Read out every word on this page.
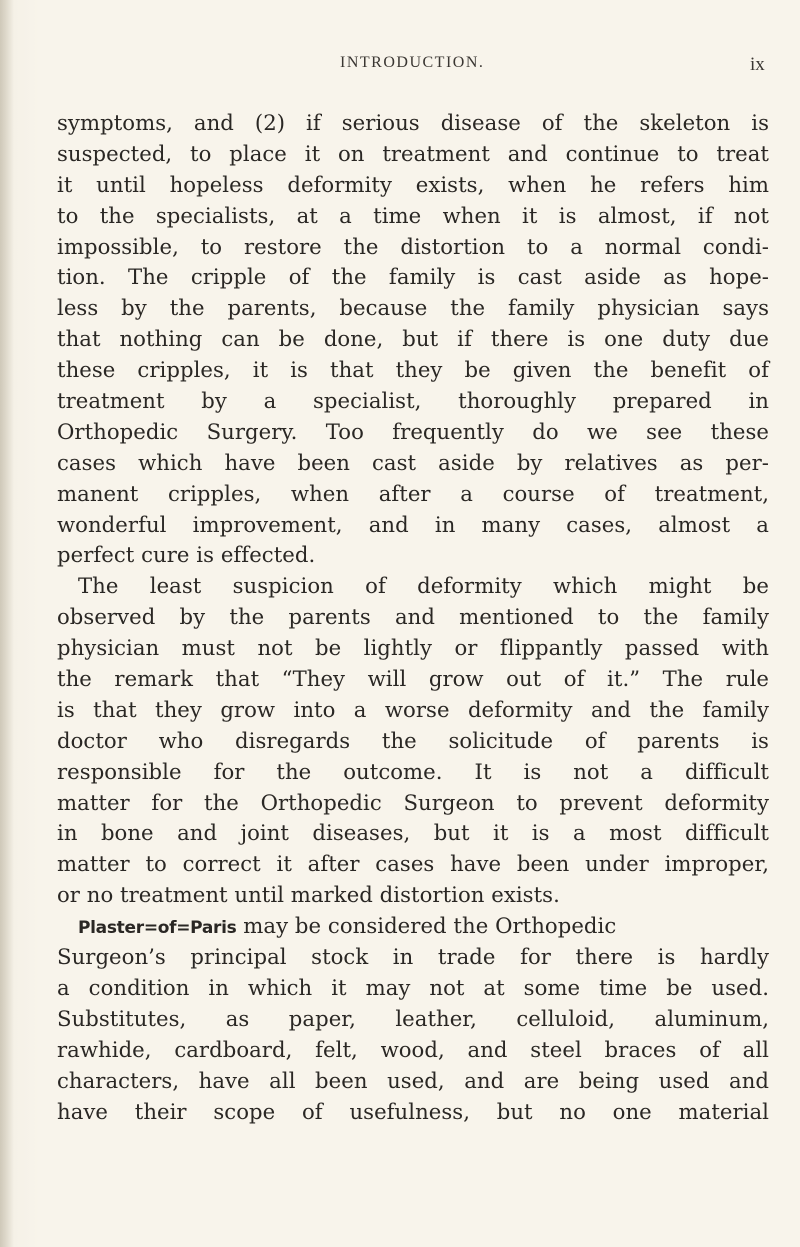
INTRODUCTION.	ix
symptoms, and (2) if serious disease of the skeleton is
suspected, to place it on treatment and continue to treat
it until hopeless deformity exists, when he refers him
to the specialists, at a time when it is almost, if not
impossible, to restore the distortion to a normal condi-
tion. The cripple of the family is cast aside as hope-
less by the parents, because the family physician says
that nothing can be done, but if there is one duty due
these cripples, it is that they be given the benefit of
treatment by a specialist, thoroughly prepared in
Orthopedic Surgery. Too frequently do we see these
cases which have been cast aside by relatives as per-
manent cripples, when after a course of treatment,
wonderful improvement, and in many cases, almost a
perfect cure is effected.
The least suspicion of deformity which might be
observed by the parents and mentioned to the family
physician must not be lightly or flippantly passed with
the remark that “They will grow out of it.” The rule
is that they grow into a worse deformity and the family
doctor who disregards the solicitude of parents is
responsible for the outcome. It is not a difficult
matter for the Orthopedic Surgeon to prevent deformity
in bone and joint diseases, but it is a most difficult
matter to correct it after cases have been under improper,
or no treatment until marked distortion exists.
Plaster=of=Paris may be considered the Orthopedic
Surgeon’s principal stock in trade for there is hardly
a condition in which it may not at some time be used.
Substitutes, as paper, leather, celluloid, aluminum,
rawhide, cardboard, felt, wood, and steel braces of all
characters, have all been used, and are being used and
have their scope of usefulness, but no one material
